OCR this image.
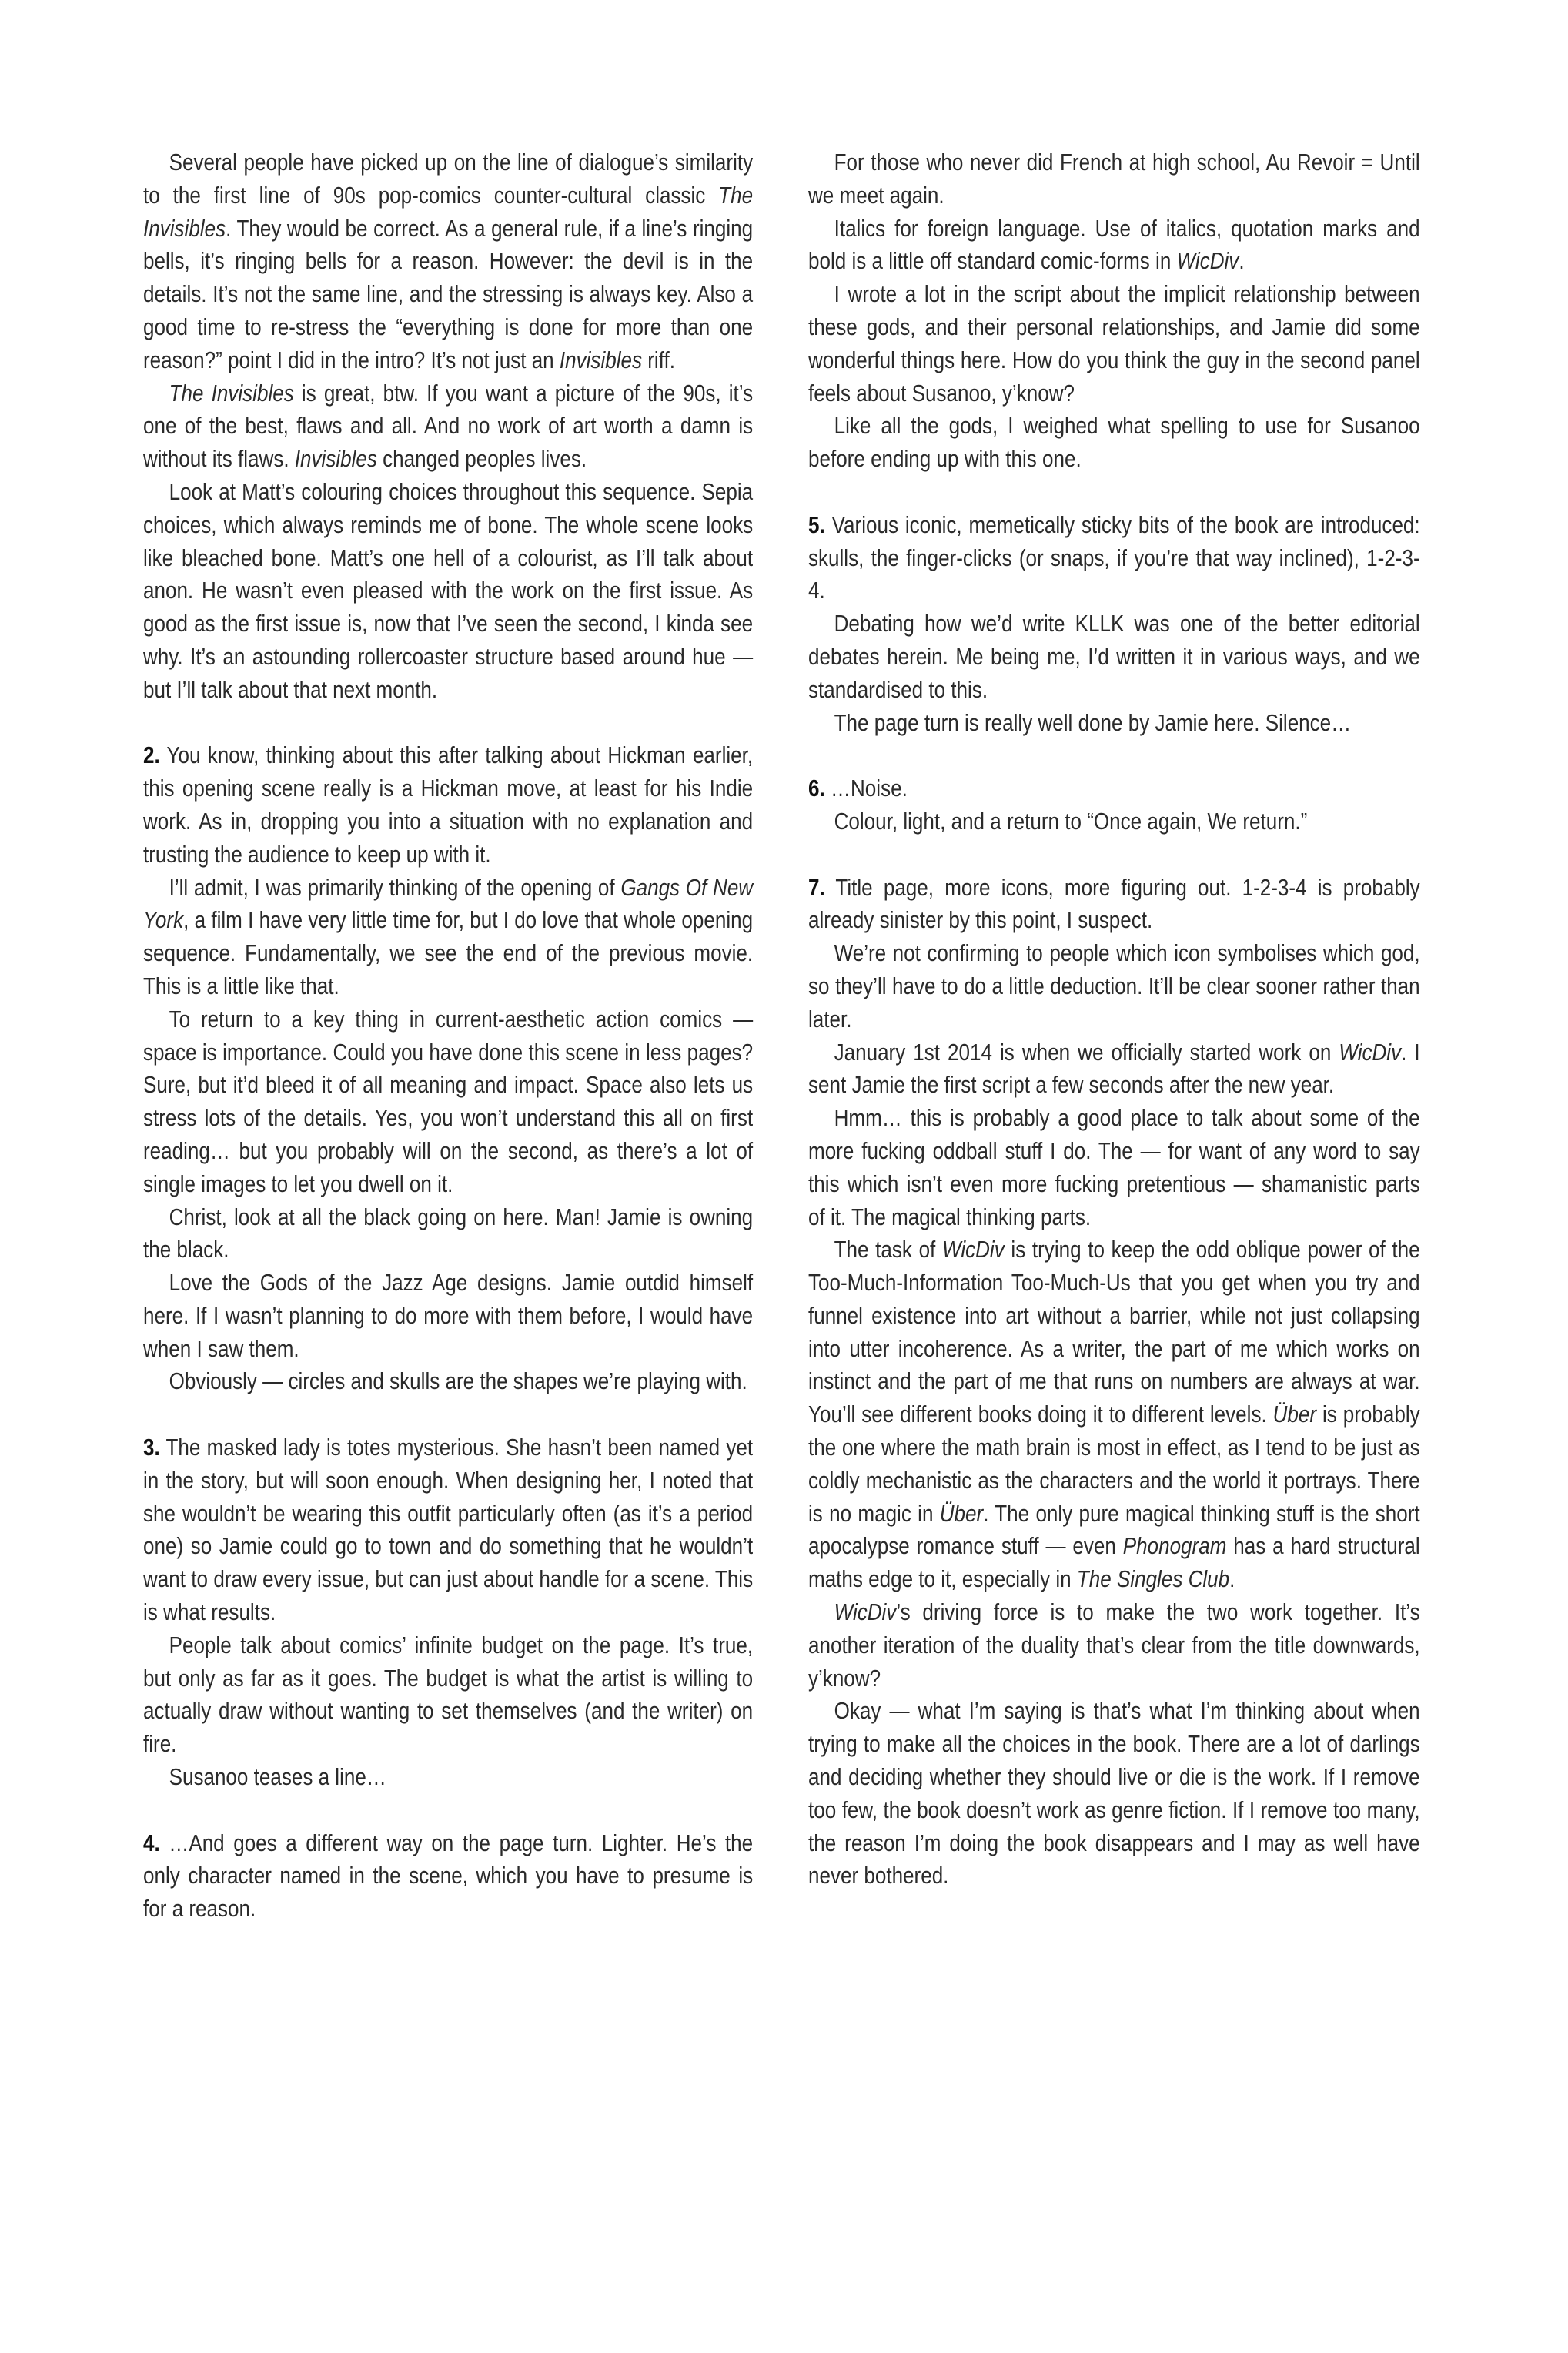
Several people have picked up on the line of dialogue’s similarity to the first line of 90s pop-comics counter-cultural classic The Invisibles. They would be correct. As a general rule, if a line’s ringing bells, it’s ringing bells for a reason. However: the devil is in the details. It’s not the same line, and the stressing is always key. Also a good time to re-stress the “everything is done for more than one reason?” point I did in the intro? It’s not just an Invisibles riff.

The Invisibles is great, btw. If you want a picture of the 90s, it’s one of the best, flaws and all. And no work of art worth a damn is without its flaws. Invisibles changed peoples lives.

Look at Matt’s colouring choices throughout this sequence. Sepia choices, which always reminds me of bone. The whole scene looks like bleached bone. Matt’s one hell of a colourist, as I’ll talk about anon. He wasn’t even pleased with the work on the first issue. As good as the first issue is, now that I’ve seen the second, I kinda see why. It’s an astounding rollercoaster structure based around hue — but I’ll talk about that next month.

2. You know, thinking about this after talking about Hickman earlier, this opening scene really is a Hickman move, at least for his Indie work. As in, dropping you into a situation with no explanation and trusting the audience to keep up with it.

I’ll admit, I was primarily thinking of the opening of Gangs Of New York, a film I have very little time for, but I do love that whole opening sequence. Fundamentally, we see the end of the previous movie. This is a little like that.

To return to a key thing in current-aesthetic action comics — space is importance. Could you have done this scene in less pages? Sure, but it’d bleed it of all meaning and impact. Space also lets us stress lots of the details. Yes, you won’t understand this all on first reading… but you probably will on the second, as there’s a lot of single images to let you dwell on it.

Christ, look at all the black going on here. Man! Jamie is owning the black.

Love the Gods of the Jazz Age designs. Jamie outdid himself here. If I wasn’t planning to do more with them before, I would have when I saw them.

Obviously — circles and skulls are the shapes we’re playing with.

3. The masked lady is totes mysterious. She hasn’t been named yet in the story, but will soon enough. When designing her, I noted that she wouldn’t be wearing this outfit particularly often (as it’s a period one) so Jamie could go to town and do something that he wouldn’t want to draw every issue, but can just about handle for a scene. This is what results.

People talk about comics’ infinite budget on the page. It’s true, but only as far as it goes. The budget is what the artist is willing to actually draw without wanting to set themselves (and the writer) on fire.

Susanoo teases a line…

4. …And goes a different way on the page turn. Lighter. He’s the only character named in the scene, which you have to presume is for a reason.

For those who never did French at high school, Au Revoir = Until we meet again.

Italics for foreign language. Use of italics, quotation marks and bold is a little off standard comic-forms in WicDiv.

I wrote a lot in the script about the implicit relationship between these gods, and their personal relationships, and Jamie did some wonderful things here. How do you think the guy in the second panel feels about Susanoo, y’know?

Like all the gods, I weighed what spelling to use for Susanoo before ending up with this one.

5. Various iconic, memetically sticky bits of the book are introduced: skulls, the finger-clicks (or snaps, if you’re that way inclined), 1-2-3-4.

Debating how we’d write KLLK was one of the better editorial debates herein. Me being me, I’d written it in various ways, and we standardised to this.

The page turn is really well done by Jamie here. Silence…

6. …Noise.

Colour, light, and a return to “Once again, We return.”

7. Title page, more icons, more figuring out. 1-2-3-4 is probably already sinister by this point, I suspect.

We’re not confirming to people which icon symbolises which god, so they’ll have to do a little deduction. It’ll be clear sooner rather than later.

January 1st 2014 is when we officially started work on WicDiv. I sent Jamie the first script a few seconds after the new year.

Hmm… this is probably a good place to talk about some of the more fucking oddball stuff I do. The — for want of any word to say this which isn’t even more fucking pretentious — shamanistic parts of it. The magical thinking parts.

The task of WicDiv is trying to keep the odd oblique power of the Too-Much-Information Too-Much-Us that you get when you try and funnel existence into art without a barrier, while not just collapsing into utter incoherence. As a writer, the part of me which works on instinct and the part of me that runs on numbers are always at war. You’ll see different books doing it to different levels. Über is probably the one where the math brain is most in effect, as I tend to be just as coldly mechanistic as the characters and the world it portrays. There is no magic in Über. The only pure magical thinking stuff is the short apocalypse romance stuff — even Phonogram has a hard structural maths edge to it, especially in The Singles Club.

WicDiv’s driving force is to make the two work together. It’s another iteration of the duality that’s clear from the title downwards, y’know?

Okay — what I’m saying is that’s what I’m thinking about when trying to make all the choices in the book. There are a lot of darlings and deciding whether they should live or die is the work. If I remove too few, the book doesn’t work as genre fiction. If I remove too many, the reason I’m doing the book disappears and I may as well have never bothered.
